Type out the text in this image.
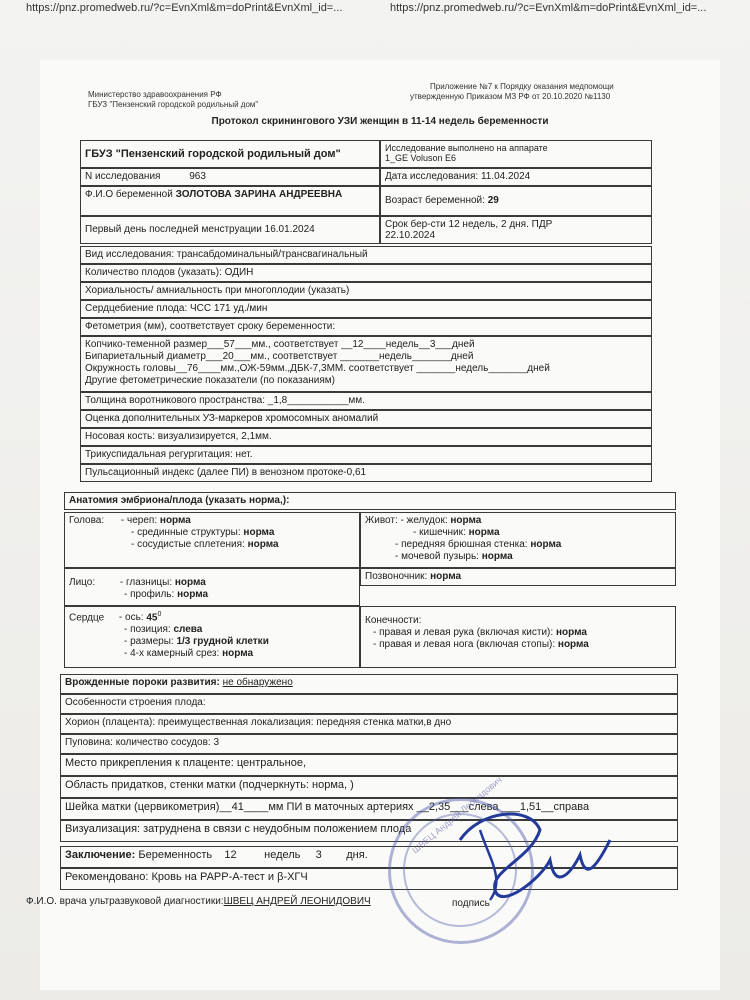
https://pnz.promedweb.ru/?c=EvnXml&m=doPrint&EvnXml_id=...	https://pnz.promedweb.ru/?c=EvnXml&m=doPrint&EvnXml_id=...
Министерство здравоохранения РФ
ГБУЗ "Пензенский городской родильный дом"
Приложение №7 к Порядку оказания медпомощи
утвержденную Приказом МЗ РФ от 20.10.2020 №1130
Протокол скринингового УЗИ женщин в 11-14 недель беременности
ГБУЗ "Пензенский городской родильный дом"	Исследование выполнено на аппарате
1_GE Voluson E6
N исследования	963	Дата исследования: 11.04.2024
Ф.И.О беременной ЗОЛОТОВА ЗАРИНА АНДРЕЕВНА
Возраст беременной: 29
Первый день последней менструации 16.01.2024	Срок бер-сти 12 недель, 2 дня. ПДР
22.10.2024
Вид исследования: трансабдоминальный/трансвагинальный
Количество плодов (указать): ОДИН
Хориальность/ амниальность при многоплодии (указать)
Сердцебиение плода: ЧСС 171 уд./мин
Фетометрия (мм), соответствует сроку беременности:
Копчико-теменной размер___57___мм., соответствует __12____недель__3___дней
Бипариетальный диаметр___20___мм., соответствует _______недель_______дней
Окружность головы__76____мм.,ОЖ-59мм.,ДБК-7,3ММ. соответствует _______недель_______дней
Другие фетометрические показатели (по показаниям)
Толщина воротникового пространства: _1,8___________мм.
Оценка дополнительных УЗ-маркеров хромосомных аномалий
Носовая кость: визуализируется, 2,1мм.
Трикуспидальная регургитация: нет.
Пульсационный индекс (далее ПИ) в венозном протоке-0,61
Анатомия эмбриона/плода (указать норма,):
Голова: - череп: норма
- срединные структуры: норма
- сосудистые сплетения: норма
Живот: - желудок: норма
- кишечник: норма
- передняя брюшная стенка: норма
- мочевой пузырь: норма
Лицо: - глазницы: норма
- профиль: норма
Позвоночник: норма
Сердце - ось: $45^0$
- позиция: слева
- размеры: 1/3 грудной клетки
- 4-х камерный срез: норма
Конечности:
- правая и левая рука (включая кисти): норма
- правая и левая нога (включая стопы): норма
Врожденные пороки развития: не обнаружено
Особенности строения плода:
Хорион (плацента): преимущественная локализация: передняя стенка матки,в дно
Пуповина: количество сосудов: 3
Место прикрепления к плаценте: центральное,
Область придатков, стенки матки (подчеркнуть: норма, )
Шейка матки (цервикометрия)__41____мм ПИ в маточных артериях __2,35___слева ___1,51__справа
Визуализация: затруднена в связи с неудобным положением плода
Заключение: Беременность    12         недель     3        дня.
Рекомендовано: Кровь на РАРР-А-тест и β-ХГЧ
Ф.И.О. врача ультразвуковой диагностики:ШВЕЦ АНДРЕЙ ЛЕОНИДОВИЧ	подпись
ШВЕЦ Андрей Леонидович
